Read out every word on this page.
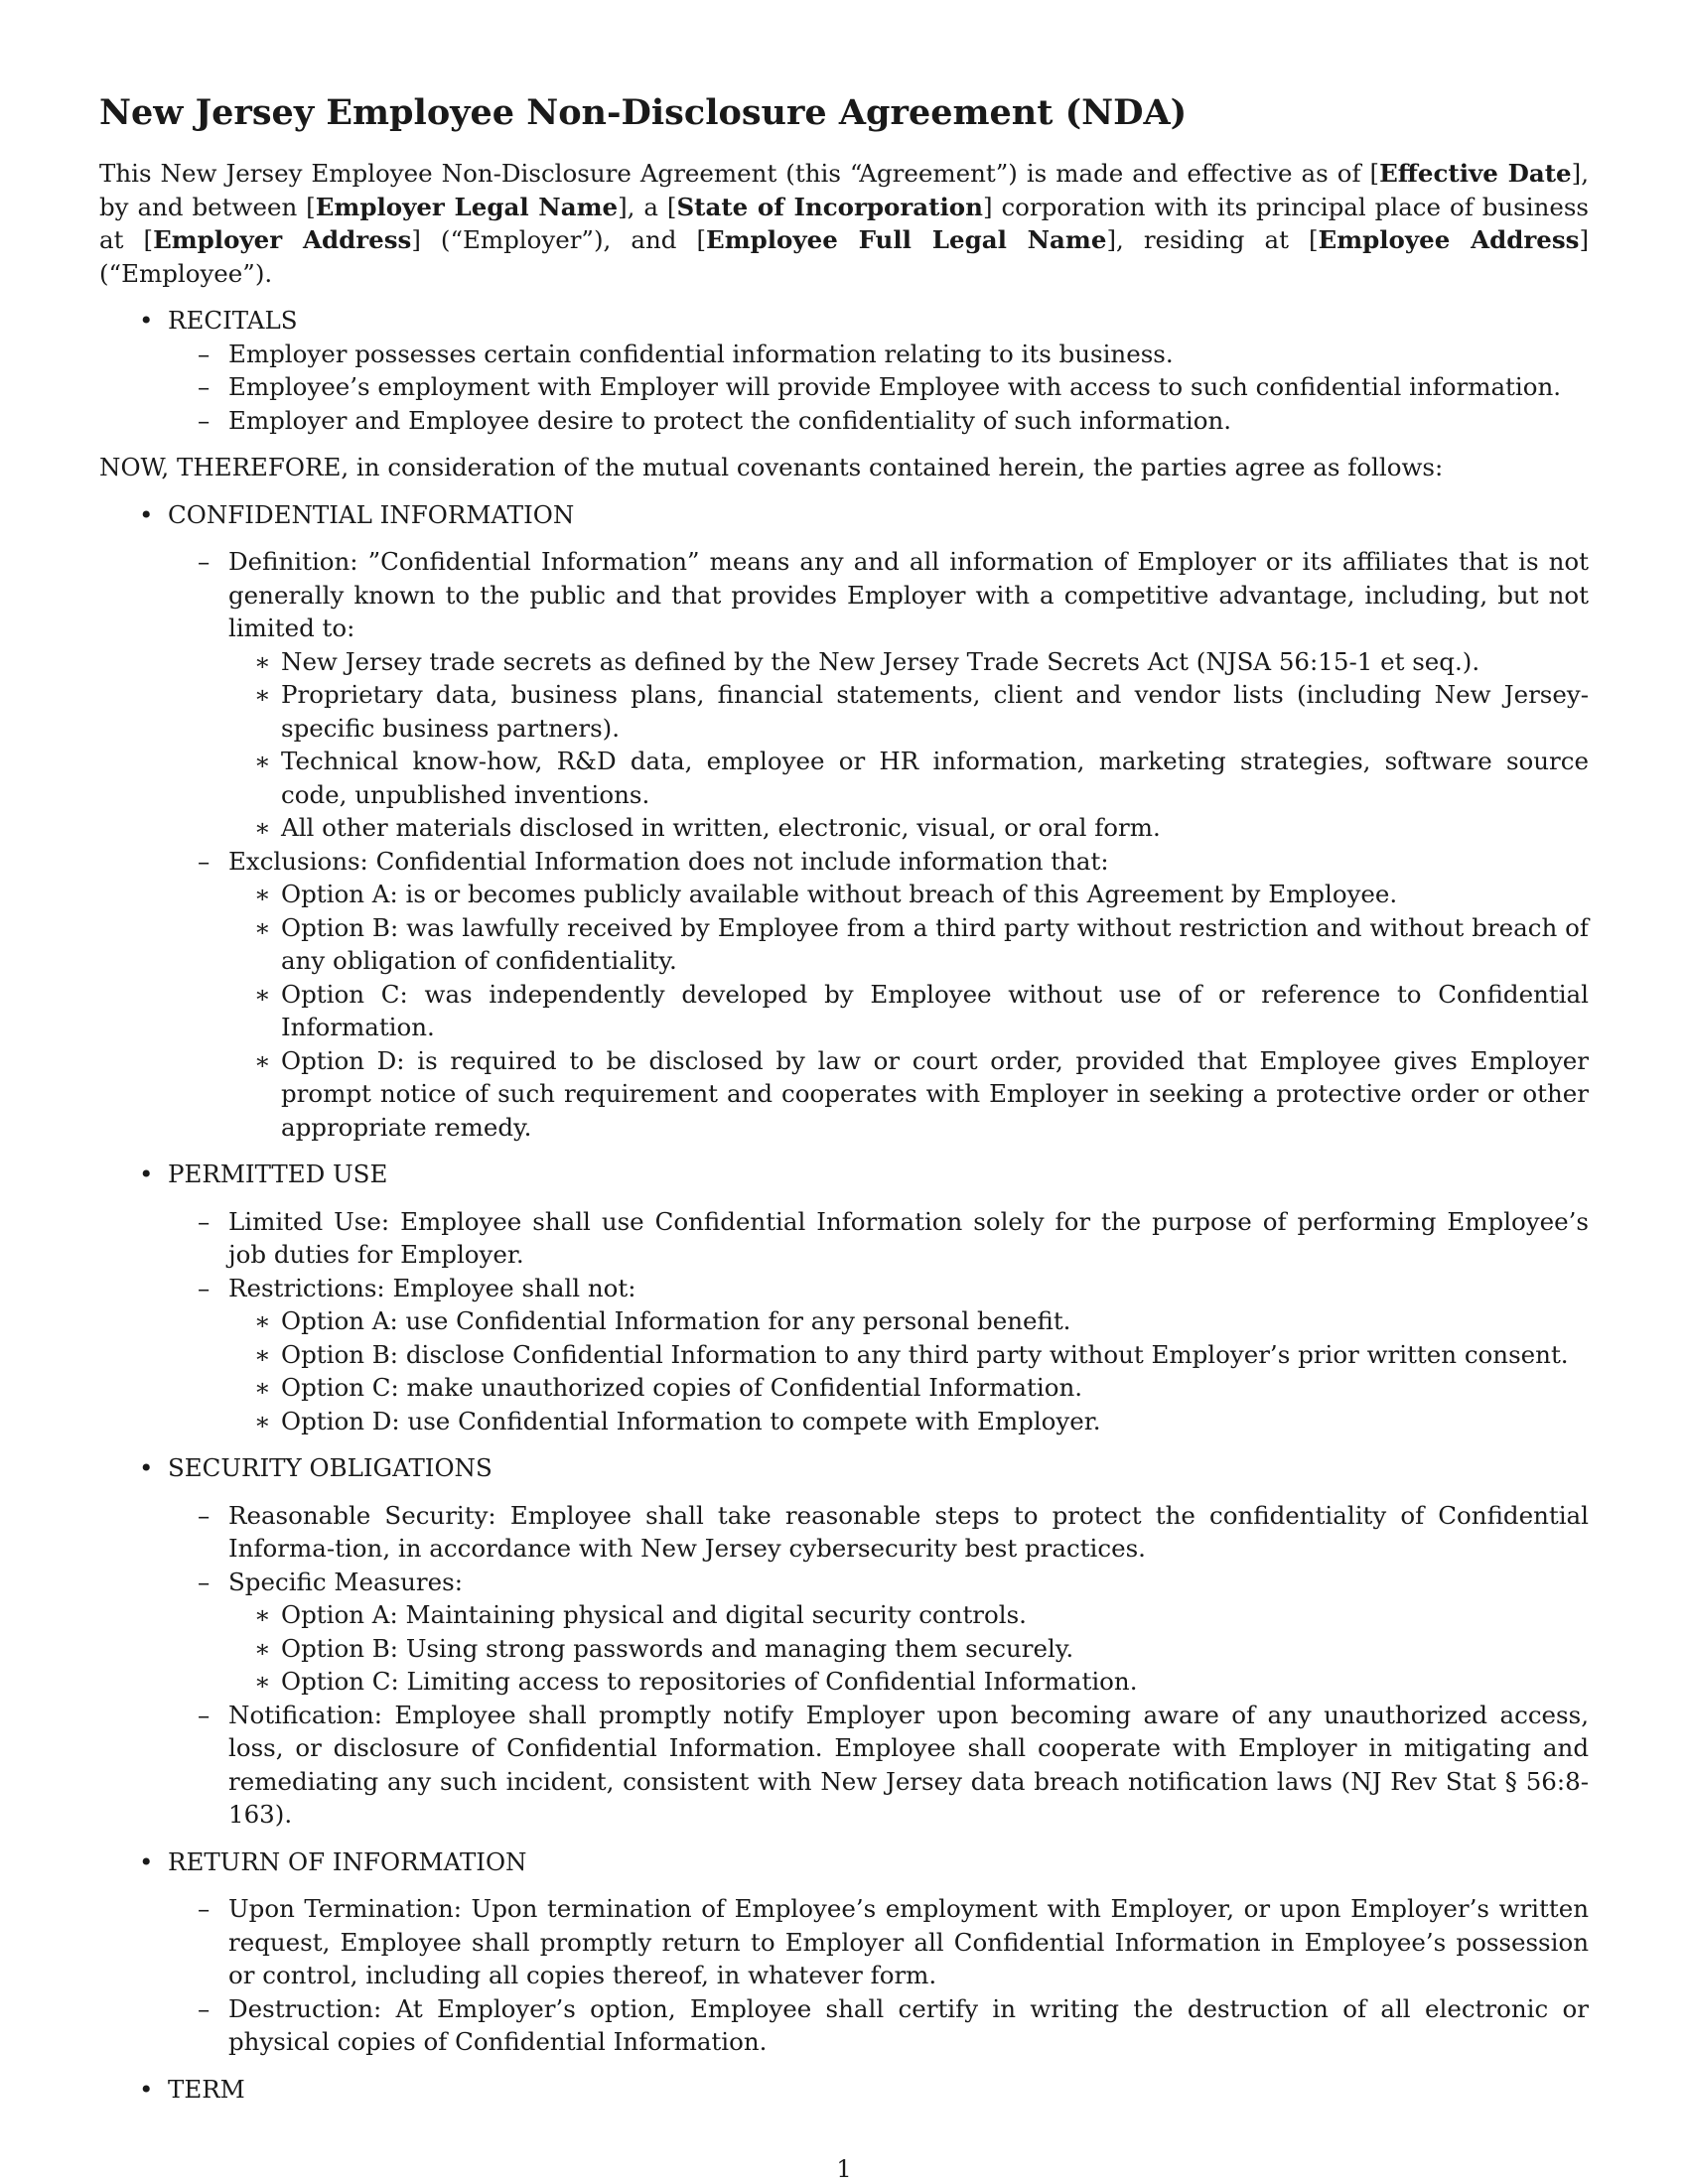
New Jersey Employee Non-Disclosure Agreement (NDA)

This New Jersey Employee Non-Disclosure Agreement (this “Agreement”) is made and effective as of [Effective Date], by and between [Employer Legal Name], a [State of Incorporation] corporation with its principal place of business at [Employer Address] (“Employer”), and [Employee Full Legal Name], residing at [Employee Address] (“Employee”).

• RECITALS
– Employer possesses certain confidential information relating to its business.
– Employee’s employment with Employer will provide Employee with access to such confidential information.
– Employer and Employee desire to protect the confidentiality of such information.

NOW, THEREFORE, in consideration of the mutual covenants contained herein, the parties agree as follows:

• CONFIDENTIAL INFORMATION
– Definition: ”Confidential Information” means any and all information of Employer or its affiliates that is not generally known to the public and that provides Employer with a competitive advantage, including, but not limited to:
∗ New Jersey trade secrets as defined by the New Jersey Trade Secrets Act (NJSA 56:15-1 et seq.).
∗ Proprietary data, business plans, financial statements, client and vendor lists (including New Jersey-specific business partners).
∗ Technical know-how, R&D data, employee or HR information, marketing strategies, software source code, unpublished inventions.
∗ All other materials disclosed in written, electronic, visual, or oral form.
– Exclusions: Confidential Information does not include information that:
∗ Option A: is or becomes publicly available without breach of this Agreement by Employee.
∗ Option B: was lawfully received by Employee from a third party without restriction and without breach of any obligation of confidentiality.
∗ Option C: was independently developed by Employee without use of or reference to Confidential Information.
∗ Option D: is required to be disclosed by law or court order, provided that Employee gives Employer prompt notice of such requirement and cooperates with Employer in seeking a protective order or other appropriate remedy.
• PERMITTED USE
– Limited Use: Employee shall use Confidential Information solely for the purpose of performing Employee’s job duties for Employer.
– Restrictions: Employee shall not:
∗ Option A: use Confidential Information for any personal benefit.
∗ Option B: disclose Confidential Information to any third party without Employer’s prior written consent.
∗ Option C: make unauthorized copies of Confidential Information.
∗ Option D: use Confidential Information to compete with Employer.
• SECURITY OBLIGATIONS
– Reasonable Security: Employee shall take reasonable steps to protect the confidentiality of Confidential Informa-tion, in accordance with New Jersey cybersecurity best practices.
– Specific Measures:
∗ Option A: Maintaining physical and digital security controls.
∗ Option B: Using strong passwords and managing them securely.
∗ Option C: Limiting access to repositories of Confidential Information.
– Notification: Employee shall promptly notify Employer upon becoming aware of any unauthorized access, loss, or disclosure of Confidential Information. Employee shall cooperate with Employer in mitigating and remediating any such incident, consistent with New Jersey data breach notification laws (NJ Rev Stat § 56:8-163).
• RETURN OF INFORMATION
– Upon Termination: Upon termination of Employee’s employment with Employer, or upon Employer’s written request, Employee shall promptly return to Employer all Confidential Information in Employee’s possession or control, including all copies thereof, in whatever form.
– Destruction: At Employer’s option, Employee shall certify in writing the destruction of all electronic or physical copies of Confidential Information.
• TERM
1
